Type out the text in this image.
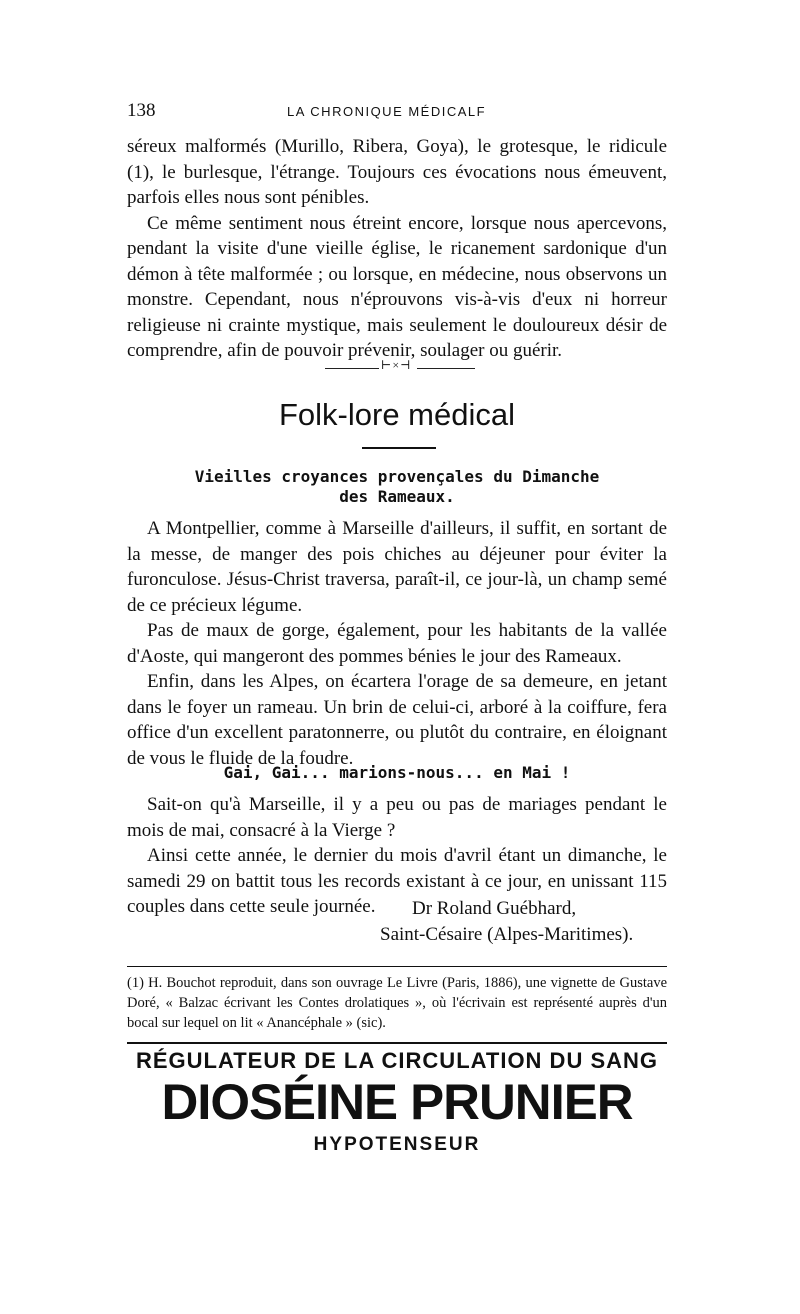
138	LA CHRONIQUE MÉDICALF

séreux malformés (Murillo, Ribera, Goya), le grotesque, le ridicule (1), le burlesque, l'étrange. Toujours ces évocations nous émeuvent, parfois elles nous sont pénibles.

Ce même sentiment nous étreint encore, lorsque nous apercevons, pendant la visite d'une vieille église, le ricanement sardonique d'un démon à tête malformée ; ou lorsque, en médecine, nous observons un monstre. Cependant, nous n'éprouvons vis-à-vis d'eux ni horreur religieuse ni crainte mystique, mais seulement le douloureux désir de comprendre, afin de pouvoir prévenir, soulager ou guérir.

⊢×⊣
Folk-lore médical
Vieilles croyances provençales du Dimanche
des Rameaux.

A Montpellier, comme à Marseille d'ailleurs, il suffit, en sortant de la messe, de manger des pois chiches au déjeuner pour éviter la furonculose. Jésus-Christ traversa, paraît-il, ce jour-là, un champ semé de ce précieux légume.

Pas de maux de gorge, également, pour les habitants de la vallée d'Aoste, qui mangeront des pommes bénies le jour des Rameaux.

Enfin, dans les Alpes, on écartera l'orage de sa demeure, en jetant dans le foyer un rameau. Un brin de celui-ci, arboré à la coiffure, fera office d'un excellent paratonnerre, ou plutôt du contraire, en éloignant de vous le fluide de la foudre.

Gai, Gai... marions-nous... en Mai !

Sait-on qu'à Marseille, il y a peu ou pas de mariages pendant le mois de mai, consacré à la Vierge ?

Ainsi cette année, le dernier du mois d'avril étant un dimanche, le samedi 29 on battit tous les records existant à ce jour, en unissant 115 couples dans cette seule journée.	Dr Roland Guébhard,
Saint-Césaire (Alpes-Maritimes).

(1) H. Bouchot reproduit, dans son ouvrage Le Livre (Paris, 1886), une vignette de Gustave Doré, « Balzac écrivant les Contes drolatiques », où l'écrivain est représenté auprès d'un bocal sur lequel on lit « Anancéphale » (sic).

RÉGULATEUR DE LA CIRCULATION DU SANG
DIOSÉINE PRUNIER
HYPOTENSEUR
